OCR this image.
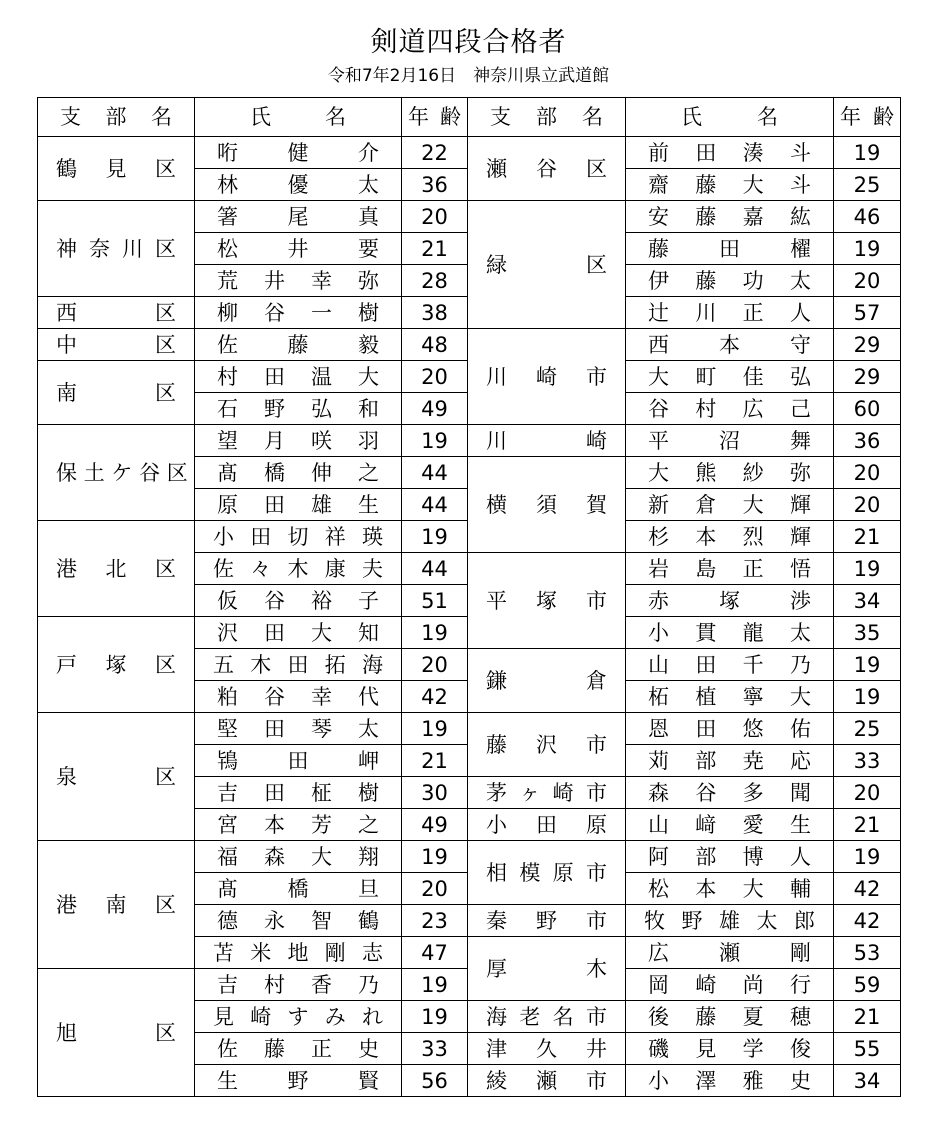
剣道四段合格者
令和7年2月16日　神奈川県立武道館
支 部 名	氏 名	年 齢	支 部 名	氏 名	年 齢

鶴 見 区	哘 健 介	22	瀬 谷 区	前 田 湊 斗	19

	林 優 太	36		齋 藤 大 斗	25

神 奈 川 区	箸 尾 真	20	緑 区	安 藤 嘉 紘	46

	松 井 要	21		藤 田 櫂	19

	荒 井 幸 弥	28		伊 藤 功 太	20

西 区	柳 谷 一 樹	38		辻 川 正 人	57

中 区	佐 藤 毅	48	川 崎 市	西 本 守	29

南 区	村 田 温 大	20		大 町 佳 弘	29

	石 野 弘 和	49		谷 村 広 己	60

保 土 ケ 谷 区	望 月 咲 羽	19	川 崎	平 沼 舞	36

	髙 橋 伸 之	44	横 須 賀	大 熊 紗 弥	20

	原 田 雄 生	44		新 倉 大 輝	20

港 北 区	小 田 切 祥 瑛	19		杉 本 烈 輝	21

	佐 々 木 康 夫	44	平 塚 市	岩 島 正 悟	19

	仮 谷 裕 子	51		赤 塚 渉	34

戸 塚 区	沢 田 大 知	19		小 貫 龍 太	35

	五 木 田 拓 海	20	鎌 倉	山 田 千 乃	19

	粕 谷 幸 代	42		柘 植 寧 大	19

泉 区	堅 田 琴 太	19	藤 沢 市	恩 田 悠 佑	25

	鴇 田 岬	21		苅 部 尭 応	33

	吉 田 柾 樹	30	茅 ヶ 崎 市	森 谷 多 聞	20

	宮 本 芳 之	49	小 田 原	山 﨑 愛 生	21

港 南 区	福 森 大 翔	19	相 模 原 市	阿 部 博 人	19

	髙 橋 旦	20		松 本 大 輔	42

	德 永 智 鶴	23	秦 野 市	牧 野 雄 太 郎	42

	苫 米 地 剛 志	47	厚 木	広 瀬 剛	53

旭 区	吉 村 香 乃	19		岡 崎 尚 行	59

	見 崎 す み れ	19	海 老 名 市	後 藤 夏 穂	21

	佐 藤 正 史	33	津 久 井	磯 見 学 俊	55

	生 野 賢	56	綾 瀬 市	小 澤 雅 史	34
